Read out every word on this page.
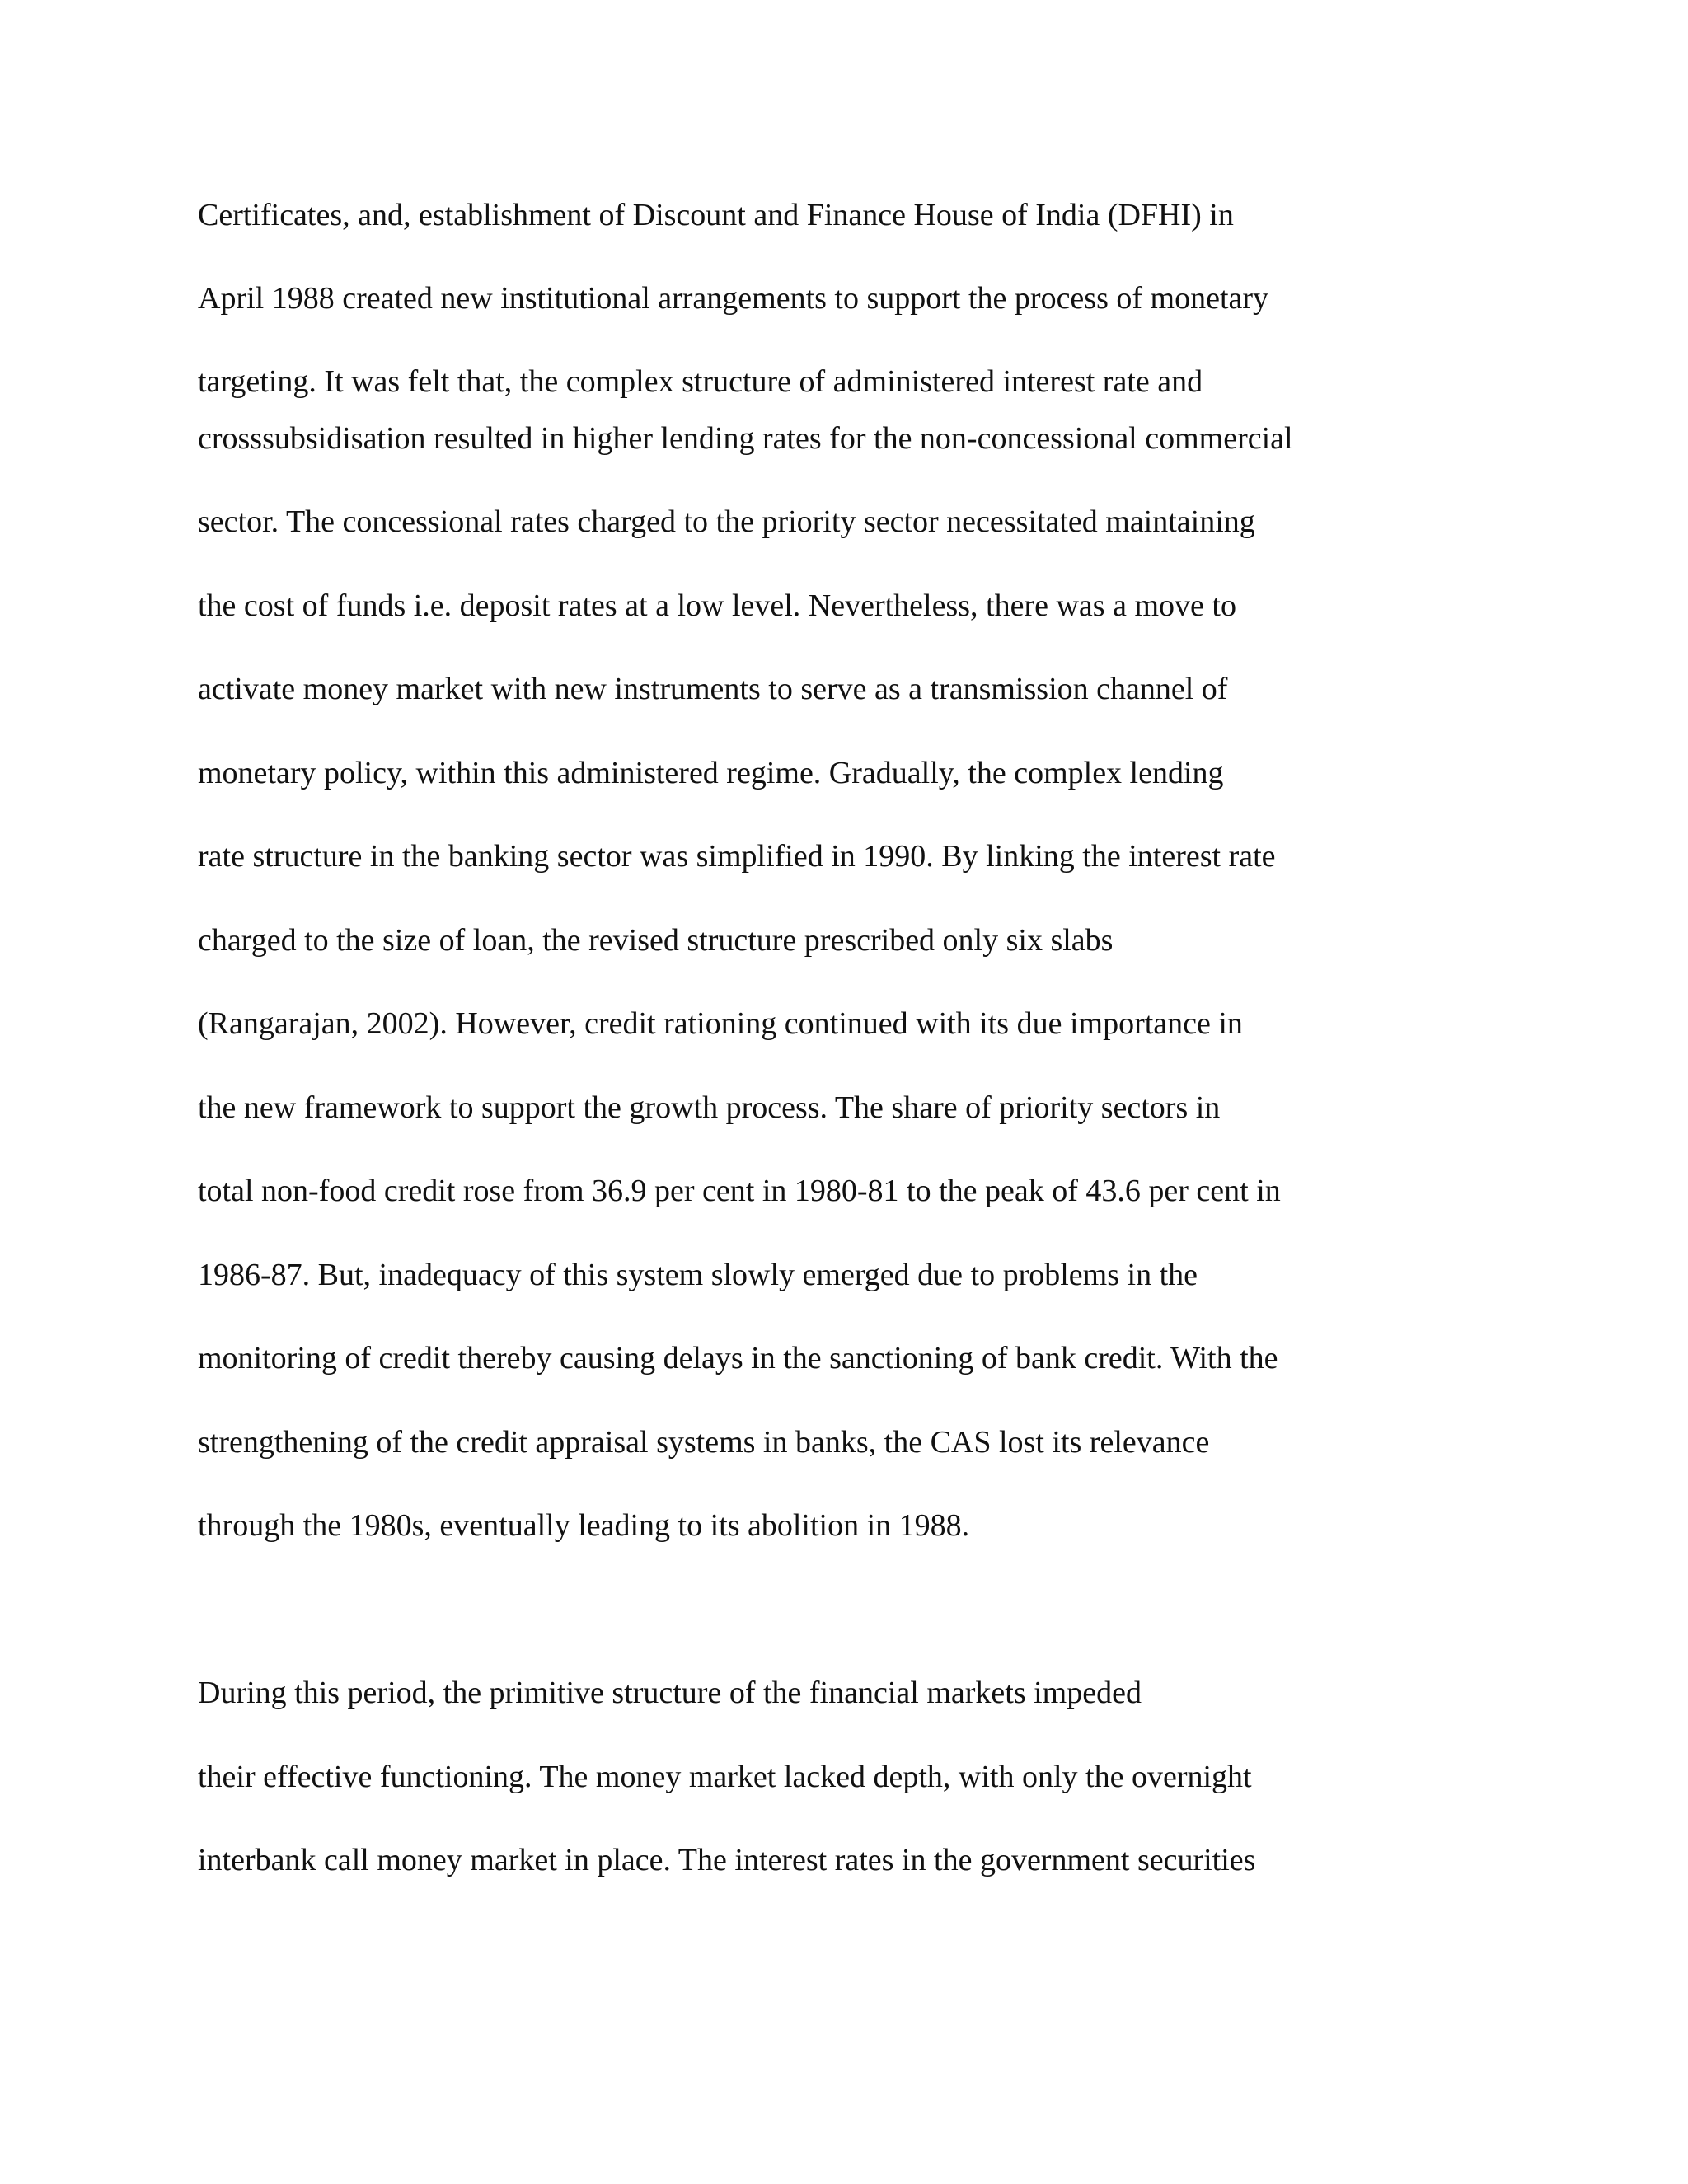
Certificates, and, establishment of Discount and Finance House of India (DFHI) in

April 1988 created new institutional arrangements to support the process of monetary

targeting. It was felt that, the complex structure of administered interest rate and

crosssubsidisation resulted in higher lending rates for the non-concessional commercial

sector. The concessional rates charged to the priority sector necessitated maintaining

the cost of funds i.e. deposit rates at a low level. Nevertheless, there was a move to

activate money market with new instruments to serve as a transmission channel of

monetary policy, within this administered regime. Gradually, the complex lending

rate structure in the banking sector was simplified in 1990. By linking the interest rate

charged to the size of loan, the revised structure prescribed only six slabs

(Rangarajan, 2002). However, credit rationing continued with its due importance in

the new framework to support the growth process. The share of priority sectors in

total non-food credit rose from 36.9 per cent in 1980-81 to the peak of 43.6 per cent in

1986-87. But, inadequacy of this system slowly emerged due to problems in the

monitoring of credit thereby causing delays in the sanctioning of bank credit. With the

strengthening of the credit appraisal systems in banks, the CAS lost its relevance

through the 1980s, eventually leading to its abolition in 1988.

During this period, the primitive structure of the financial markets impeded

their effective functioning. The money market lacked depth, with only the overnight

interbank call money market in place. The interest rates in the government securities
